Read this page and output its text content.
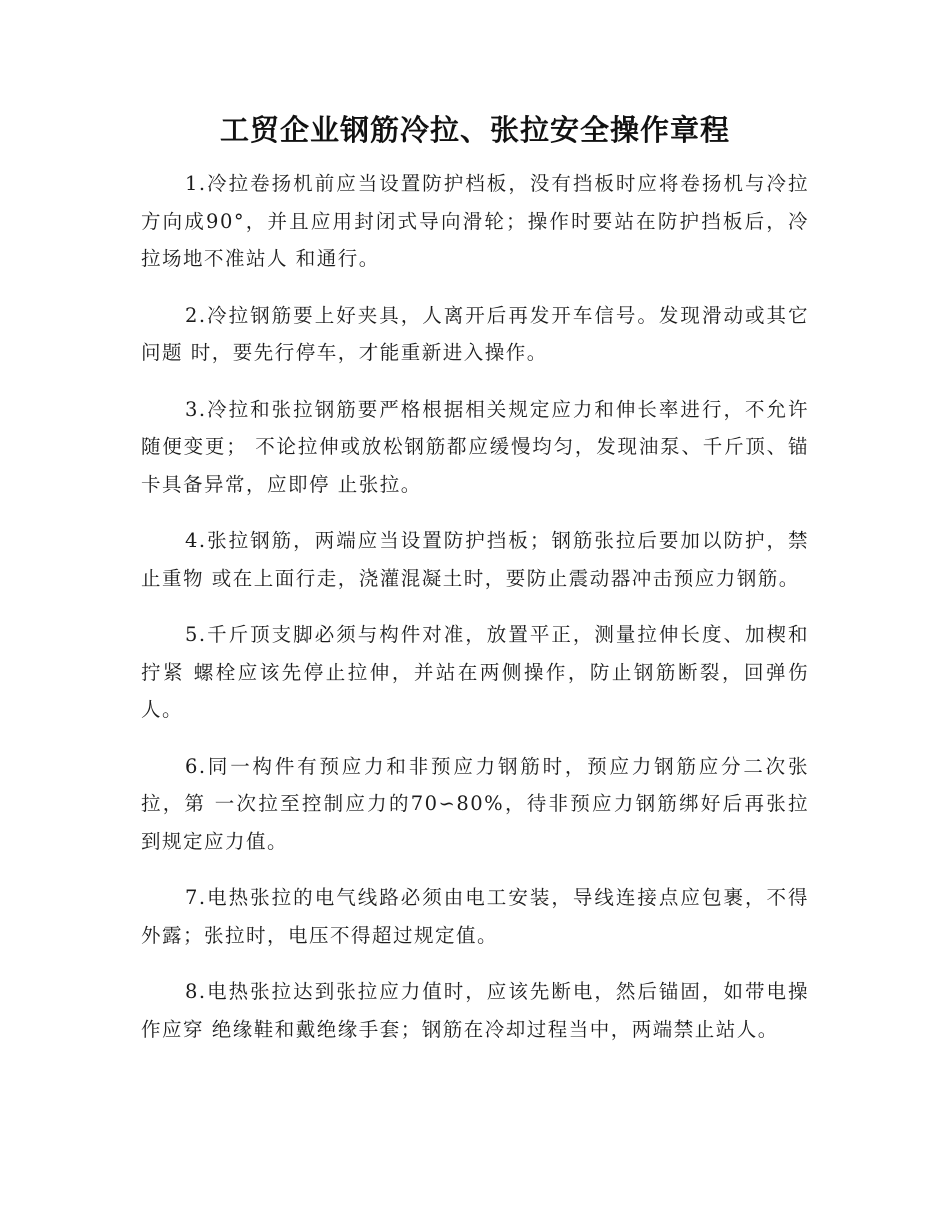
工贸企业钢筋冷拉、张拉安全操作章程

1.冷拉卷扬机前应当设置防护档板，没有挡板时应将卷扬机与冷拉方向成90°，并且应用封闭式导向滑轮；操作时要站在防护挡板后，冷拉场地不准站人 和通行。

2.冷拉钢筋要上好夹具，人离开后再发开车信号。发现滑动或其它问题 时，要先行停车，才能重新进入操作。

3.冷拉和张拉钢筋要严格根据相关规定应力和伸长率进行，不允许随便变更； 不论拉伸或放松钢筋都应缓慢均匀，发现油泵、千斤顶、锚卡具备异常，应即停 止张拉。

4.张拉钢筋，两端应当设置防护挡板；钢筋张拉后要加以防护，禁止重物 或在上面行走，浇灌混凝土时，要防止震动器冲击预应力钢筋。

5.千斤顶支脚必须与构件对准，放置平正，测量拉伸长度、加楔和拧紧 螺栓应该先停止拉伸，并站在两侧操作，防止钢筋断裂，回弹伤人。

6.同一构件有预应力和非预应力钢筋时，预应力钢筋应分二次张拉，第 一次拉至控制应力的70∽80%，待非预应力钢筋绑好后再张拉到规定应力值。

7.电热张拉的电气线路必须由电工安装，导线连接点应包裹，不得外露；张拉时，电压不得超过规定值。

8.电热张拉达到张拉应力值时，应该先断电，然后锚固，如带电操作应穿 绝缘鞋和戴绝缘手套；钢筋在冷却过程当中，两端禁止站人。
